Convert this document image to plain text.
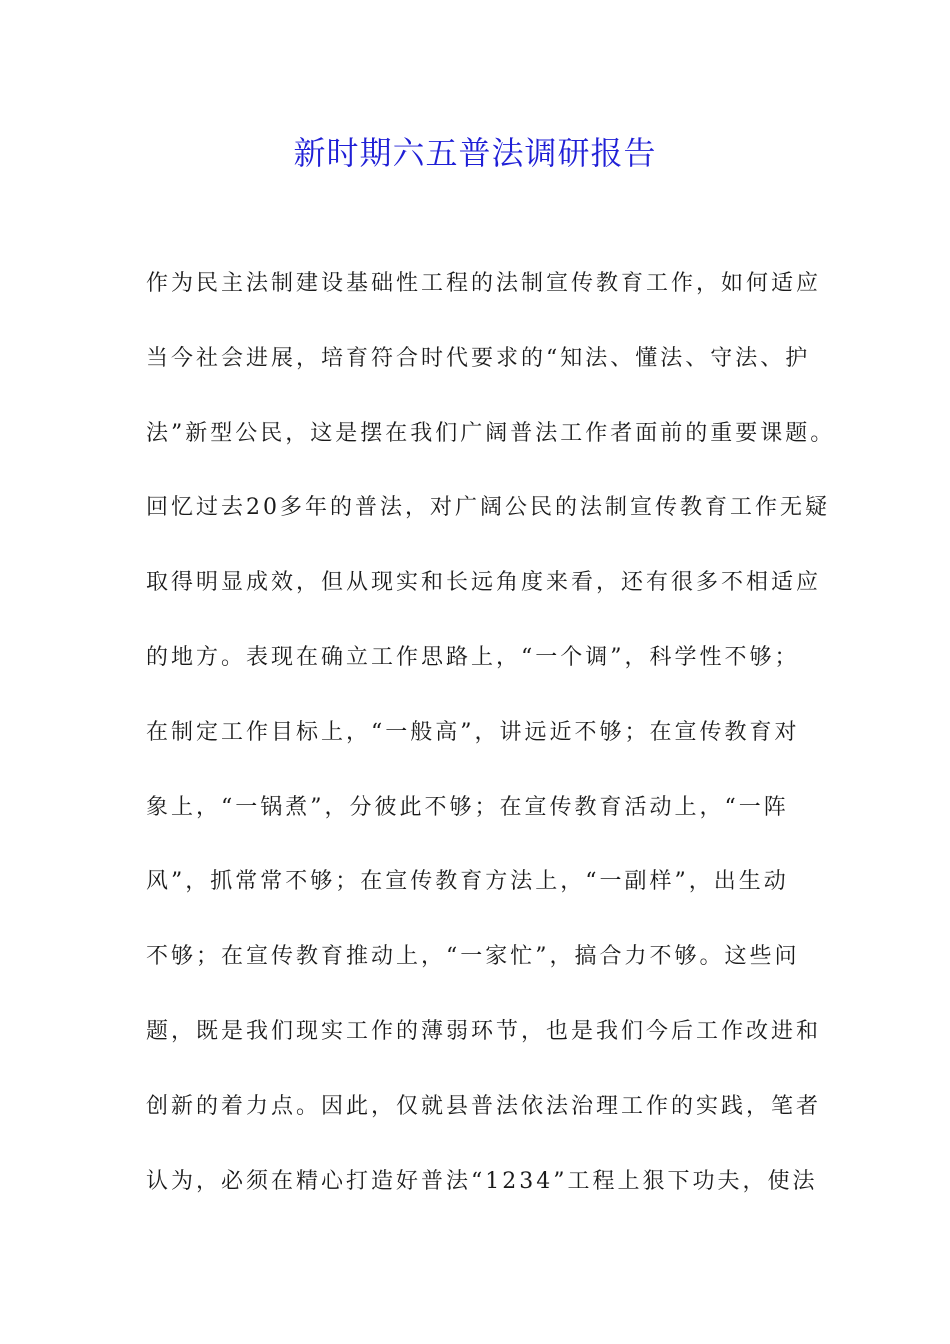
新时期六五普法调研报告
作为民主法制建设基础性工程的法制宣传教育工作，如何适应
当今社会进展，培育符合时代要求的“知法、懂法、守法、护
法”新型公民，这是摆在我们广阔普法工作者面前的重要课题。
回忆过去20多年的普法，对广阔公民的法制宣传教育工作无疑
取得明显成效，但从现实和长远角度来看，还有很多不相适应
的地方。表现在确立工作思路上，“一个调”，科学性不够；
在制定工作目标上，“一般高”，讲远近不够；在宣传教育对
象上，“一锅煮”，分彼此不够；在宣传教育活动上，“一阵
风”，抓常常不够；在宣传教育方法上，“一副样”，出生动
不够；在宣传教育推动上，“一家忙”，搞合力不够。这些问
题，既是我们现实工作的薄弱环节，也是我们今后工作改进和
创新的着力点。因此，仅就县普法依法治理工作的实践，笔者
认为，必须在精心打造好普法“1234”工程上狠下功夫，使法
